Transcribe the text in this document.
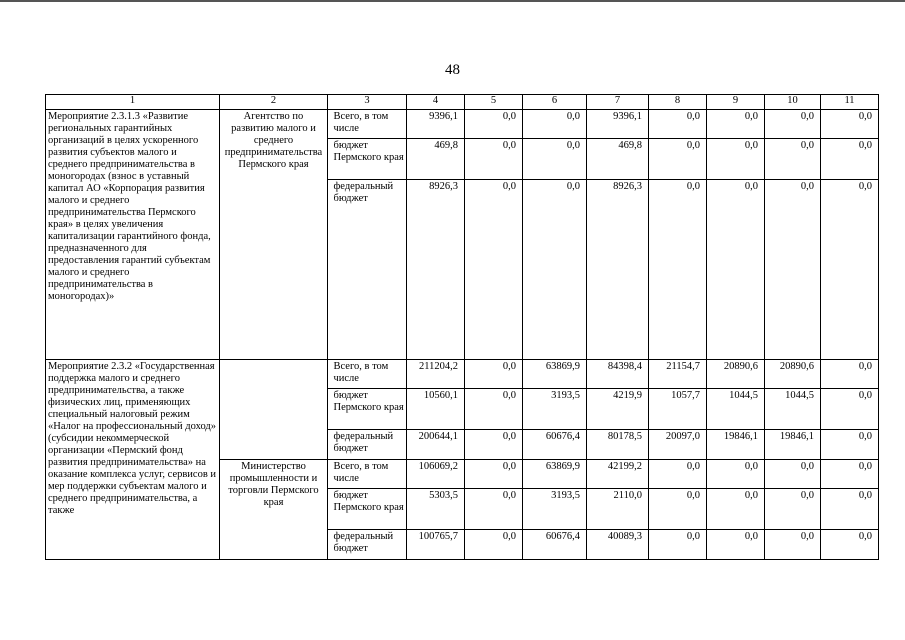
48
1	2	3		4	5	6	7	8	9	10	11
Мероприятие 2.3.1.3 «Развитие региональных гарантийных организаций в целях ускоренного развития субъектов малого и среднего предпринимательства в моногородах (взнос в уставный капитал АО «Корпорация развития малого и среднего предпринимательства Пермского края» в целях увеличения капитализации гарантийного фонда, предназначенного для предоставления гарантий субъектам малого и среднего предпринимательства в моногородах)»	Агентство по развитию малого и среднего предпринимательства Пермского края		Всего, в том числе	9396,1	0,0	0,0	9396,1	0,0	0,0	0,0	0,0
			бюджет Пермского края	469,8	0,0	0,0	469,8	0,0	0,0	0,0	0,0
			федеральный бюджет	8926,3	0,0	0,0	8926,3	0,0	0,0	0,0	0,0
Мероприятие 2.3.2 «Государственная поддержка малого и среднего предпринимательства, а также физических лиц, применяющих специальный налоговый режим «Налог на профессиональный доход» (субсидии некоммерческой организации «Пермский фонд развития предпринимательства» на оказание комплекса услуг, сервисов и мер поддержки субъектам малого и среднего предпринимательства, а также			Всего, в том числе	211204,2	0,0	63869,9	84398,4	21154,7	20890,6	20890,6	0,0
			бюджет Пермского края	10560,1	0,0	3193,5	4219,9	1057,7	1044,5	1044,5	0,0
			федеральный бюджет	200644,1	0,0	60676,4	80178,5	20097,0	19846,1	19846,1	0,0
	Министерство промышленности и торговли Пермского края		Всего, в том числе	106069,2	0,0	63869,9	42199,2	0,0	0,0	0,0	0,0
			бюджет Пермского края	5303,5	0,0	3193,5	2110,0	0,0	0,0	0,0	0,0
			федеральный бюджет	100765,7	0,0	60676,4	40089,3	0,0	0,0	0,0	0,0
